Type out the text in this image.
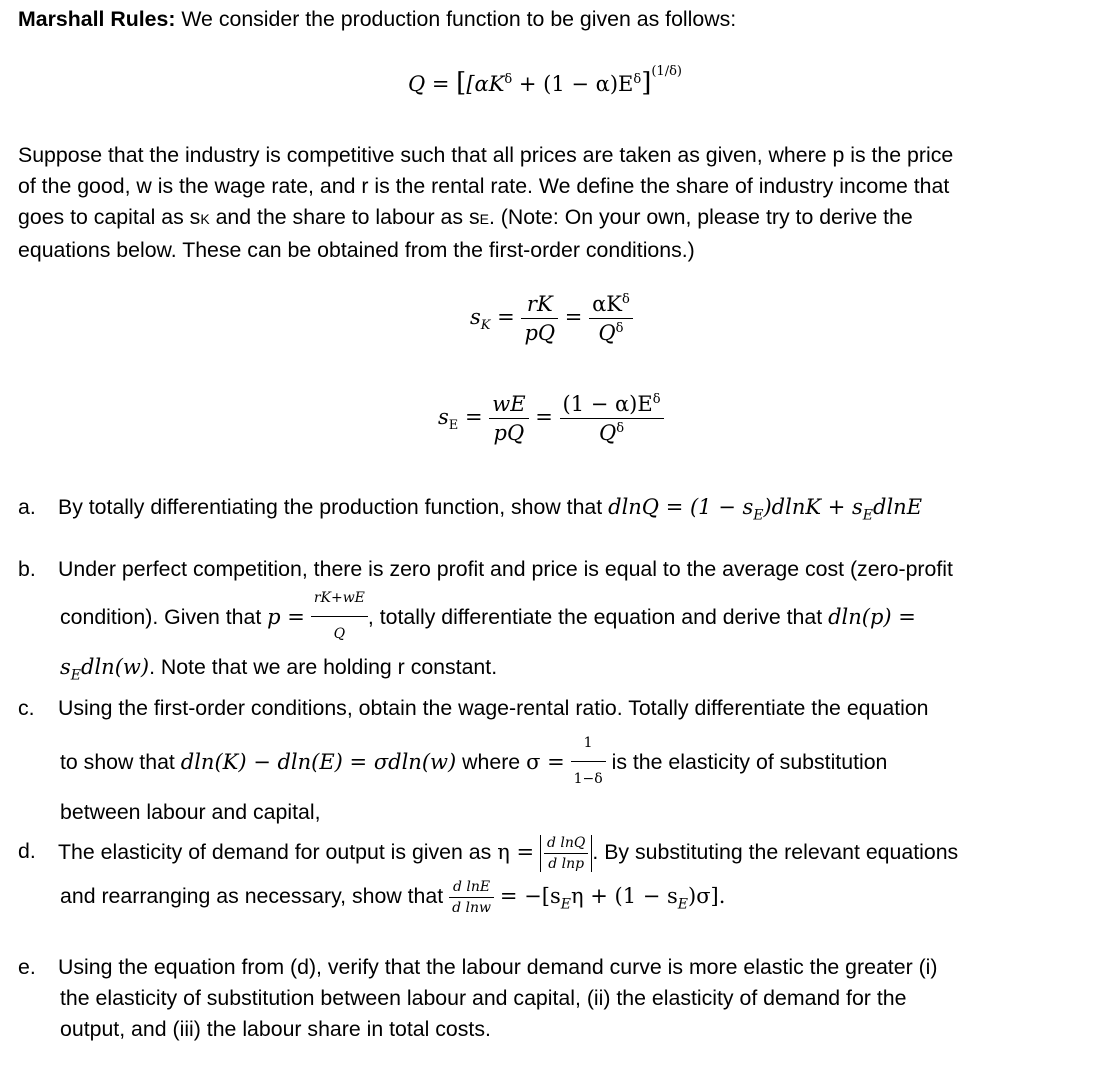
Marshall Rules: We consider the production function to be given as follows:
$Q = [[\alpha K^\delta + (1 - \alpha)E^\delta]^{(1/\delta)}$
Suppose that the industry is competitive such that all prices are taken as given, where p is the price
of the good, w is the wage rate, and r is the rental rate. We define the share of industry income that
goes to capital as sK and the share to labour as sE. (Note: On your own, please try to derive the
equations below. These can be obtained from the first-order conditions.)
$s_K = \frac{rK}{pQ} = \frac{\alpha K^\delta}{Q^\delta}$
$s_E = \frac{wE}{pQ} = \frac{(1 - \alpha)E^\delta}{Q^\delta}$
a.	By totally differentiating the production function, show that $dlnQ = (1 - s_E)dlnK + s_EdlnE$
b.	Under perfect competition, there is zero profit and price is equal to the average cost (zero-profit
condition). Given that $p = \frac{rK+wE}{Q}$ , totally differentiate the equation and derive that dln(p) =
$s_Edln(w)$. Note that we are holding r constant.
c.	Using the first-order conditions, obtain the wage-rental ratio. Totally differentiate the equation
to show that dln(K) − dln(E) = σdln(w) where $\sigma = \frac{1}{1-\delta}$ is the elasticity of substitution
between labour and capital,
d.	The elasticity of demand for output is given as $\eta = \frac{\text{d lnQ}}{\text{d lnp}}$ . By substituting the relevant equations
and rearranging as necessary, show that $\frac{\text{d lnE}}{\text{d lnw}} = -[s_E\eta + (1 - s_E)\sigma]$.
e.	Using the equation from (d), verify that the labour demand curve is more elastic the greater (i)
the elasticity of substitution between labour and capital, (ii) the elasticity of demand for the
output, and (iii) the labour share in total costs.
